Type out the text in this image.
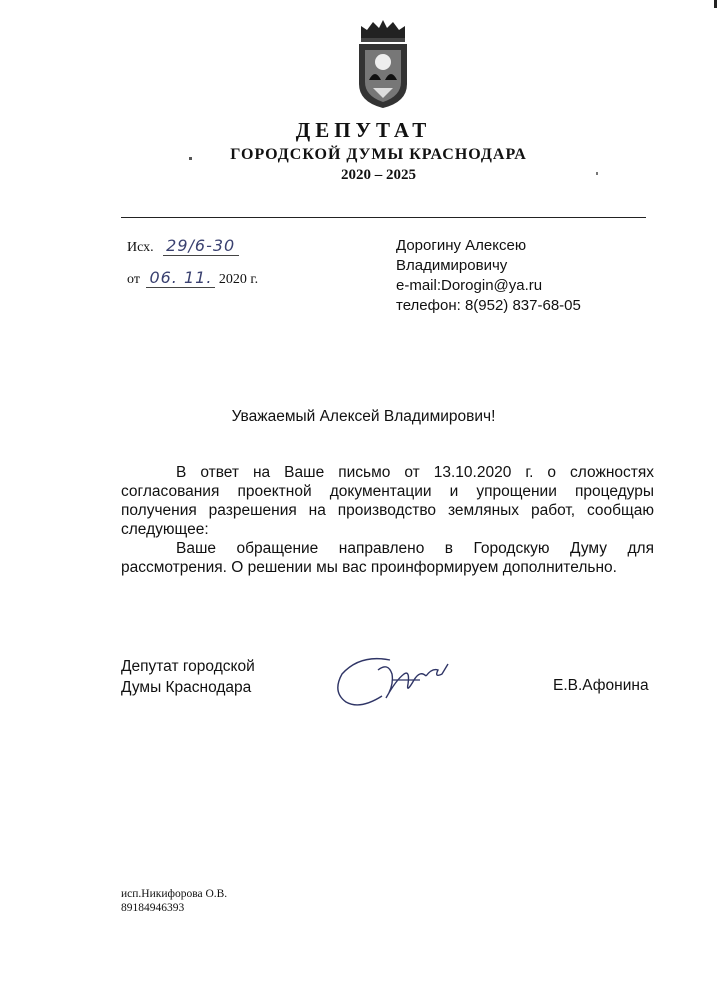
ДЕПУТАТ
ГОРОДСКОЙ ДУМЫ КРАСНОДАРА
2020 – 2025
Исх. 29/6-30
от 06. 11. 2020 г.
Дорогину Алексею
Владимировичу
e-mail:Dorogin@ya.ru
телефон: 8(952) 837-68-05
Уважаемый Алексей Владимирович!

В ответ на Ваше письмо от 13.10.2020 г. о сложностях согласования проектной документации и упрощении процедуры получения разрешения на производство земляных работ, сообщаю следующее:

Ваше обращение направлено в Городскую Думу для рассмотрения. О решении мы вас проинформируем дополнительно.

Депутат городской
Думы Краснодара	Е.В.Афонина
исп.Никифорова О.В.
89184946393
